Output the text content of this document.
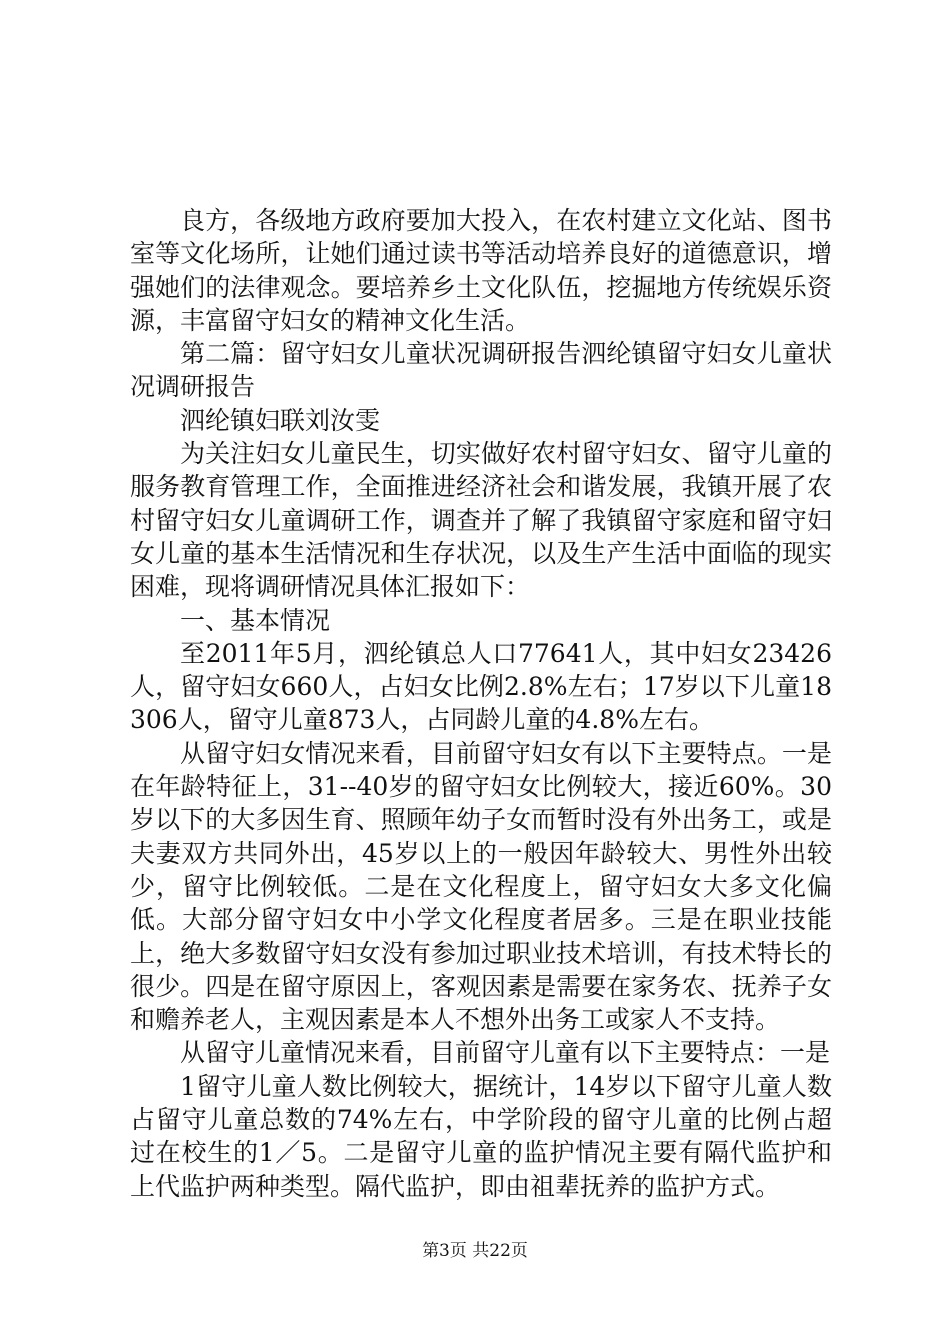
良方，各级地方政府要加大投入，在农村建立文化站、图书室等文化场所，让她们通过读书等活动培养良好的道德意识，增强她们的法律观念。要培养乡土文化队伍，挖掘地方传统娱乐资源，丰富留守妇女的精神文化生活。

第二篇：留守妇女儿童状况调研报告泗纶镇留守妇女儿童状况调研报告

泗纶镇妇联刘汝雯

为关注妇女儿童民生，切实做好农村留守妇女、留守儿童的服务教育管理工作，全面推进经济社会和谐发展，我镇开展了农村留守妇女儿童调研工作，调查并了解了我镇留守家庭和留守妇女儿童的基本生活情况和生存状况，以及生产生活中面临的现实困难，现将调研情况具体汇报如下：

一、基本情况

至2011年5月，泗纶镇总人口77641人，其中妇女23426人，留守妇女660人，占妇女比例2.8%左右；17岁以下儿童18306人，留守儿童873人，占同龄儿童的4.8%左右。

从留守妇女情况来看，目前留守妇女有以下主要特点。一是在年龄特征上，31--40岁的留守妇女比例较大，接近60%。30岁以下的大多因生育、照顾年幼子女而暂时没有外出务工，或是夫妻双方共同外出，45岁以上的一般因年龄较大、男性外出较少，留守比例较低。二是在文化程度上，留守妇女大多文化偏低。大部分留守妇女中小学文化程度者居多。三是在职业技能上，绝大多数留守妇女没有参加过职业技术培训，有技术特长的很少。四是在留守原因上，客观因素是需要在家务农、抚养子女和赡养老人，主观因素是本人不想外出务工或家人不支持。

从留守儿童情况来看，目前留守儿童有以下主要特点：一是

1留守儿童人数比例较大，据统计，14岁以下留守儿童人数占留守儿童总数的74%左右，中学阶段的留守儿童的比例占超过在校生的1／5。二是留守儿童的监护情况主要有隔代监护和上代监护两种类型。隔代监护，即由祖辈抚养的监护方式。

第3页 共22页
